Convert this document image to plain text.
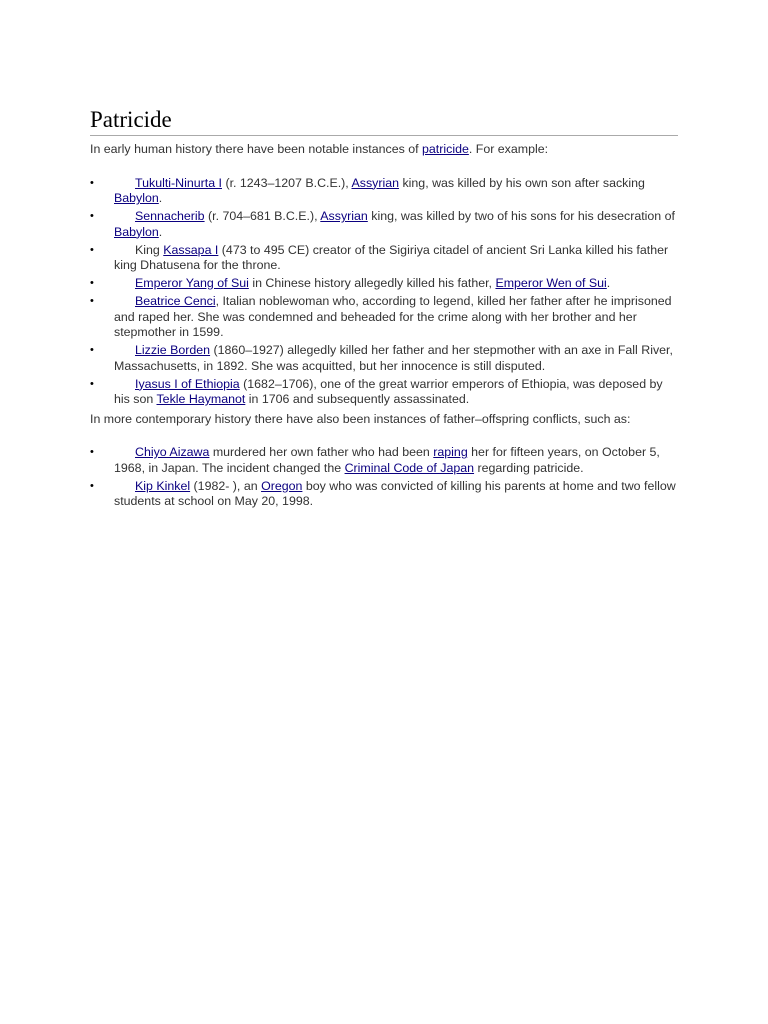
Patricide

In early human history there have been notable instances of patricide. For example:

•	Tukulti-Ninurta I (r. 1243–1207 B.C.E.), Assyrian king, was killed by his own son after sacking Babylon.
•	Sennacherib (r. 704–681 B.C.E.), Assyrian king, was killed by two of his sons for his desecration of Babylon.
•	King Kassapa I (473 to 495 CE) creator of the Sigiriya citadel of ancient Sri Lanka killed his father king Dhatusena for the throne.
•	Emperor Yang of Sui in Chinese history allegedly killed his father, Emperor Wen of Sui.
•	Beatrice Cenci, Italian noblewoman who, according to legend, killed her father after he imprisoned and raped her. She was condemned and beheaded for the crime along with her brother and her stepmother in 1599.
•	Lizzie Borden (1860–1927) allegedly killed her father and her stepmother with an axe in Fall River, Massachusetts, in 1892. She was acquitted, but her innocence is still disputed.
•	Iyasus I of Ethiopia (1682–1706), one of the great warrior emperors of Ethiopia, was deposed by his son Tekle Haymanot in 1706 and subsequently assassinated.

In more contemporary history there have also been instances of father–offspring conflicts, such as:

•	Chiyo Aizawa murdered her own father who had been raping her for fifteen years, on October 5, 1968, in Japan. The incident changed the Criminal Code of Japan regarding patricide.
•	Kip Kinkel (1982- ), an Oregon boy who was convicted of killing his parents at home and two fellow students at school on May 20, 1998.
